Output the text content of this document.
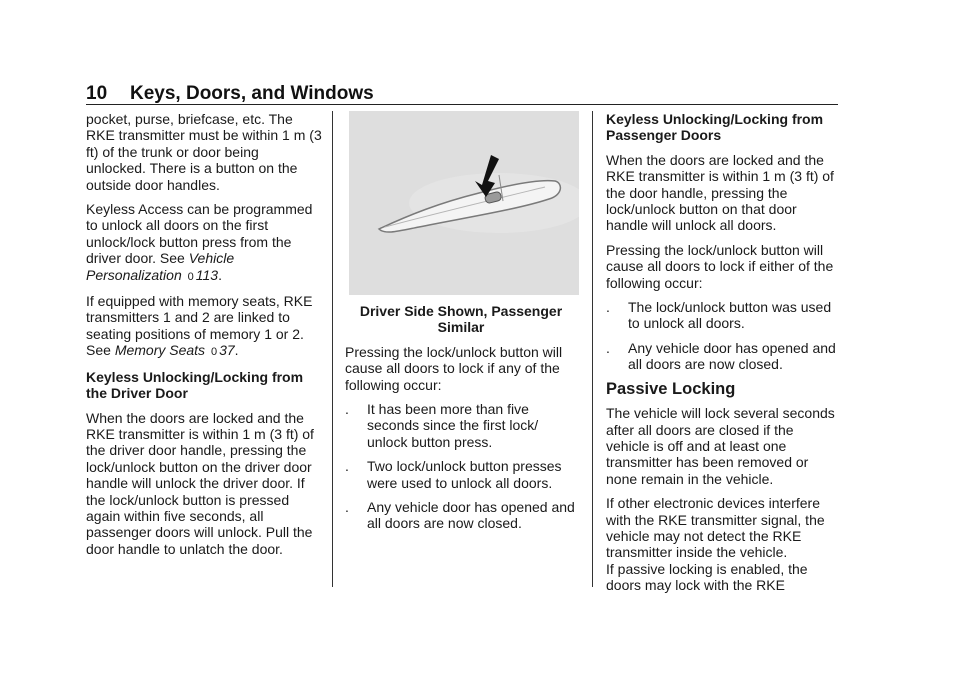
10 Keys, Doors, and Windows

pocket, purse, briefcase, etc. The RKE transmitter must be within 1 m (3 ft) of the trunk or door being unlocked. There is a button on the outside door handles.

Keyless Access can be programmed to unlock all doors on the first unlock/lock button press from the driver door. See Vehicle Personalization 0 113.

If equipped with memory seats, RKE transmitters 1 and 2 are linked to seating positions of memory 1 or 2. See Memory Seats 0 37.

Keyless Unlocking/Locking from the Driver Door

When the doors are locked and the RKE transmitter is within 1 m (3 ft) of the driver door handle, pressing the lock/unlock button on the driver door handle will unlock the driver door. If the lock/unlock button is pressed again within five seconds, all passenger doors will unlock. Pull the door handle to unlatch the door.

Driver Side Shown, Passenger Similar

Pressing the lock/unlock button will cause all doors to lock if any of the following occur:

.	It has been more than five seconds since the first lock/ unlock button press.
.	Two lock/unlock button presses were used to unlock all doors.
.	Any vehicle door has opened and all doors are now closed.

Keyless Unlocking/Locking from Passenger Doors

When the doors are locked and the RKE transmitter is within 1 m (3 ft) of the door handle, pressing the lock/unlock button on that door handle will unlock all doors.

Pressing the lock/unlock button will cause all doors to lock if either of the following occur:

.	The lock/unlock button was used to unlock all doors.
.	Any vehicle door has opened and all doors are now closed.

Passive Locking

The vehicle will lock several seconds after all doors are closed if the vehicle is off and at least one transmitter has been removed or none remain in the vehicle.

If other electronic devices interfere with the RKE transmitter signal, the vehicle may not detect the RKE transmitter inside the vehicle.

If passive locking is enabled, the doors may lock with the RKE
